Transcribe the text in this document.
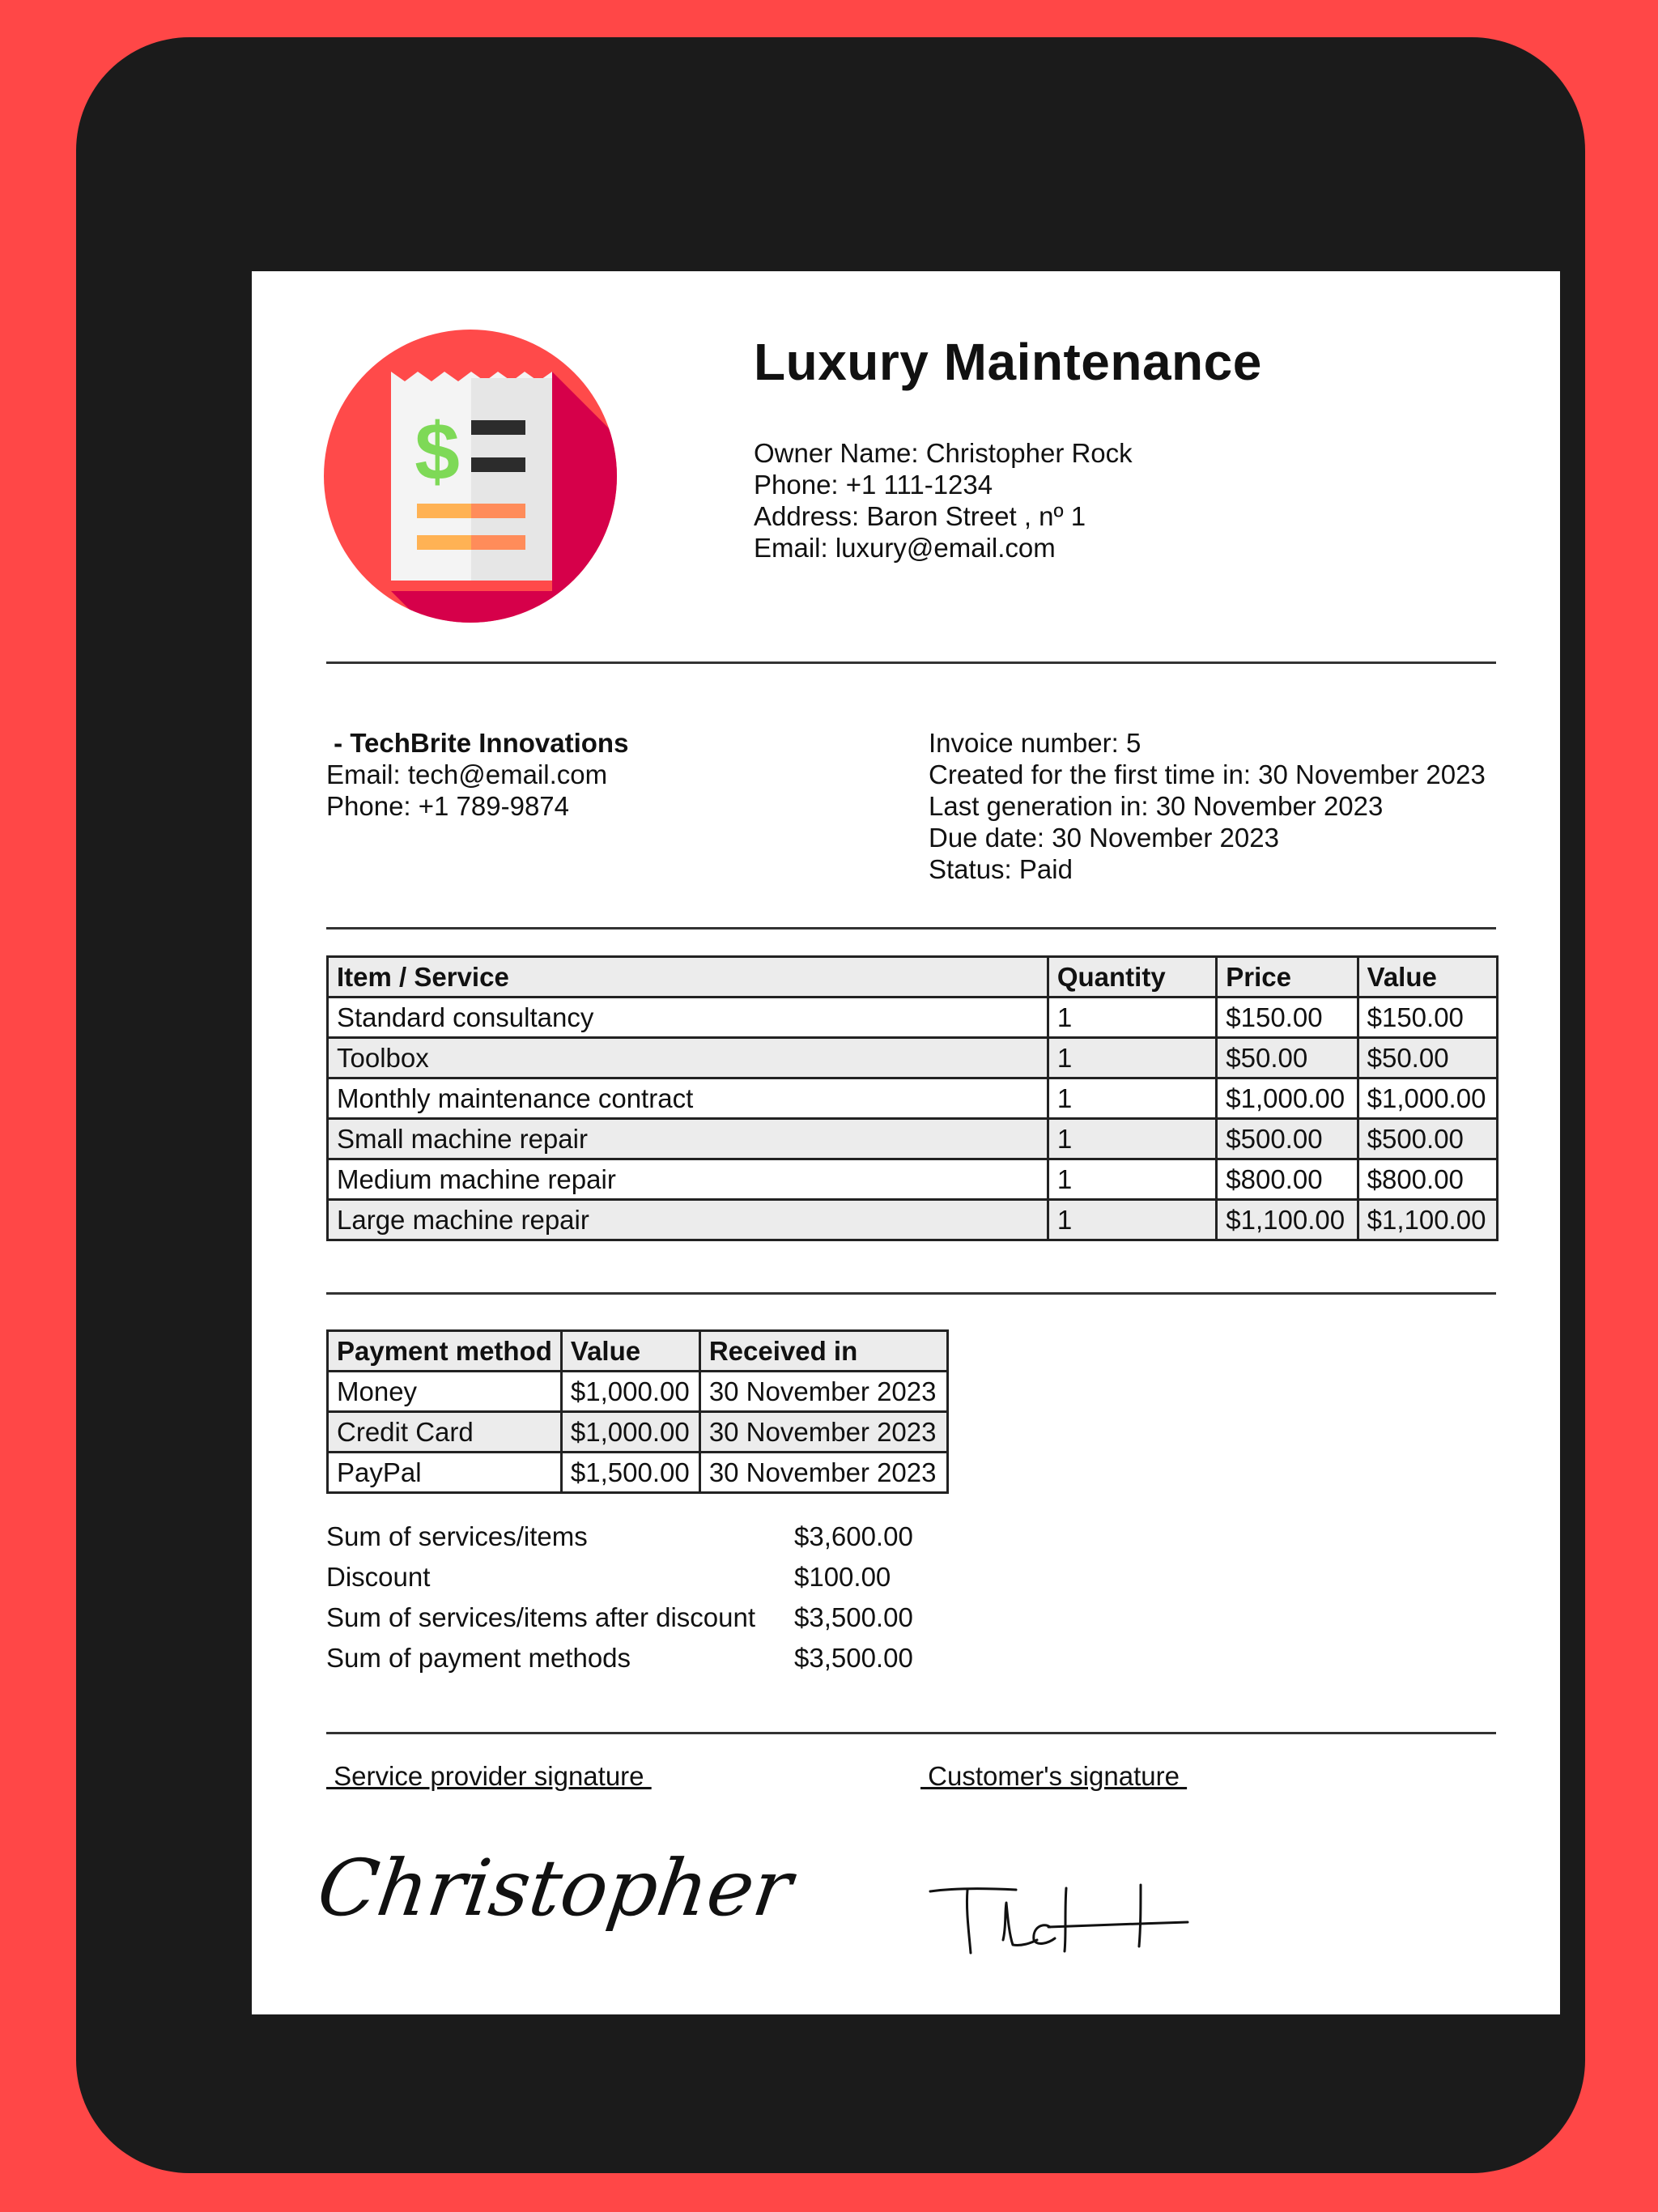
$
Luxury Maintenance
Owner Name: Christopher Rock
Phone: +1 111-1234
Address: Baron Street , nº 1
Email: luxury@email.com
- TechBrite Innovations
Email: tech@email.com
Phone: +1 789-9874
Invoice number: 5
Created for the first time in: 30 November 2023
Last generation in: 30 November 2023
Due date: 30 November 2023
Status: Paid
Item / Service	Quantity	Price	Value
Standard consultancy	1	$150.00	$150.00
Toolbox	1	$50.00	$50.00
Monthly maintenance contract	1	$1,000.00	$1,000.00
Small machine repair	1	$500.00	$500.00
Medium machine repair	1	$800.00	$800.00
Large machine repair	1	$1,100.00	$1,100.00
Payment method	Value	Received in
Money	$1,000.00	30 November 2023
Credit Card	$1,000.00	30 November 2023
PayPal	$1,500.00	30 November 2023
Sum of services/items	$3,600.00
Discount	$100.00
Sum of services/items after discount $3,500.00
Sum of payment methods	$3,500.00
Service provider signature	Customer's signature
Christopher
